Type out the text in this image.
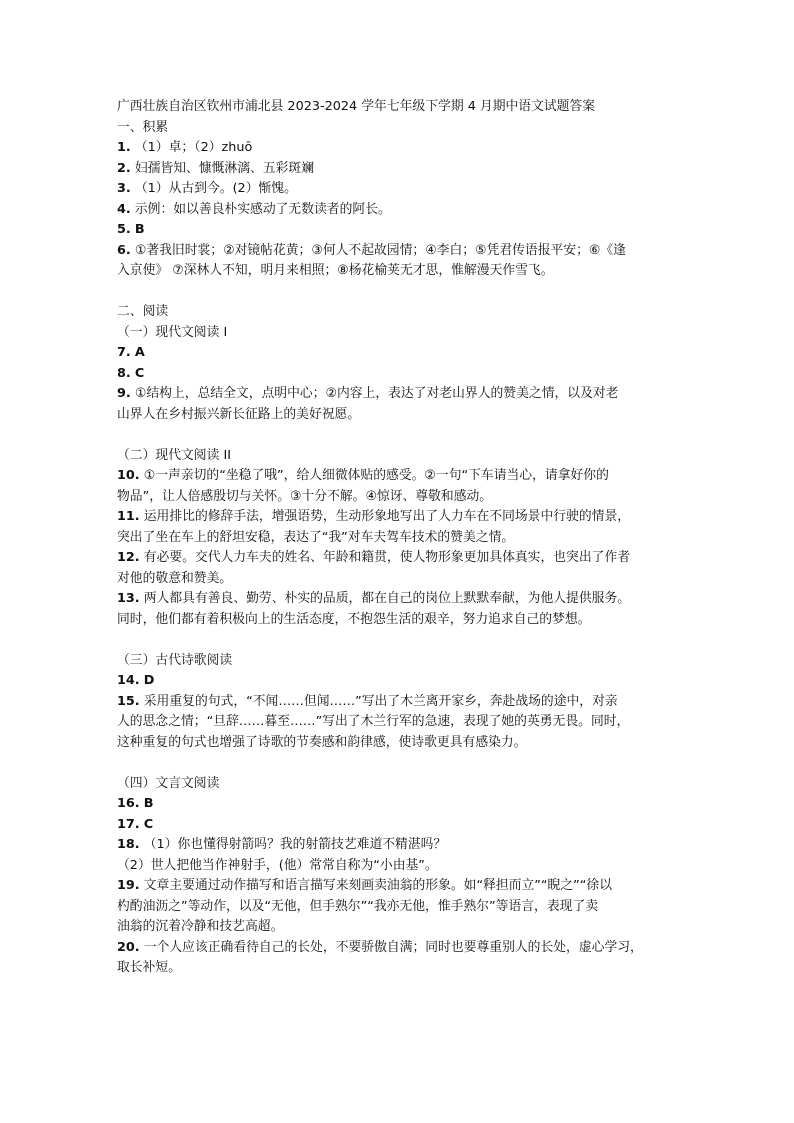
广西壮族自治区钦州市浦北县 2023-2024 学年七年级下学期 4 月期中语文试题答案

一、积累

1. （1）卓；（2）zhuō

2. 妇孺皆知、慷慨淋漓、五彩斑斓

3. （1）从古到今。(2）惭愧。

4. 示例：如以善良朴实感动了无数读者的阿长。

5. B

6. ①著我旧时裳；②对镜帖花黄；③何人不起故园情；④李白；⑤凭君传语报平安；⑥《逢

入京使》 ⑦深林人不知，明月来相照；⑧杨花榆荚无才思，惟解漫天作雪飞。

二、阅读

（一）现代文阅读 I

7. A

8. C

9. ①结构上，总结全文，点明中心；②内容上，表达了对老山界人的赞美之情，以及对老

山界人在乡村振兴新长征路上的美好祝愿。

（二）现代文阅读 II

10. ①一声亲切的“坐稳了哦”，给人细微体贴的感受。②一句“下车请当心，请拿好你的

物品”，让人倍感殷切与关怀。③十分不解。④惊讶、尊敬和感动。

11. 运用排比的修辞手法，增强语势，生动形象地写出了人力车在不同场景中行驶的情景，

突出了坐在车上的舒坦安稳，表达了“我”对车夫驾车技术的赞美之情。

12. 有必要。交代人力车夫的姓名、年龄和籍贯，使人物形象更加具体真实，也突出了作者

对他的敬意和赞美。

13. 两人都具有善良、勤劳、朴实的品质，都在自己的岗位上默默奉献，为他人提供服务。

同时，他们都有着积极向上的生活态度，不抱怨生活的艰辛，努力追求自己的梦想。

（三）古代诗歌阅读

14. D

15. 采用重复的句式，“不闻……但闻……”写出了木兰离开家乡，奔赴战场的途中，对亲

人的思念之情；“旦辞……暮至……”写出了木兰行军的急速，表现了她的英勇无畏。同时，

这种重复的句式也增强了诗歌的节奏感和韵律感，使诗歌更具有感染力。

（四）文言文阅读

16. B

17. C

18. （1）你也懂得射箭吗？我的射箭技艺难道不精湛吗？

（2）世人把他当作神射手，(他）常常自称为“小由基”。

19. 文章主要通过动作描写和语言描写来刻画卖油翁的形象。如“释担而立”“睨之”“徐以

杓酌油沥之”等动作，以及“无他，但手熟尔”“我亦无他，惟手熟尔”等语言，表现了卖

油翁的沉着冷静和技艺高超。

20. 一个人应该正确看待自己的长处，不要骄傲自满；同时也要尊重别人的长处，虚心学习，

取长补短。
